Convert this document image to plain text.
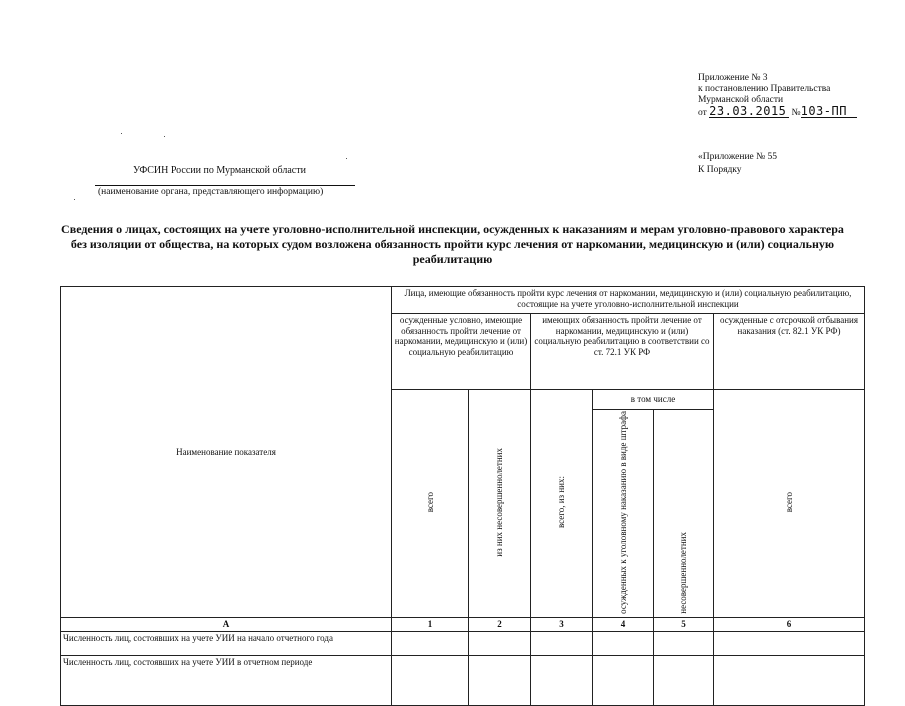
Приложение № 3
к постановлению Правительства
Мурманской области
от 23.03.2015 №103-ПП
УФСИН России по Мурманской области
(наименование органа, представляющего информацию)
«Приложение № 55
К Порядку
Сведения о лицах, состоящих на учете уголовно-исполнительной инспекции, осужденных к наказаниям и мерам уголовно-правового характера без изоляции от общества, на которых судом возложена обязанность пройти курс лечения от наркомании, медицинскую и (или) социальную реабилитацию
Наименование показателя	Лица, имеющие обязанность пройти курс лечения от наркомании, медицинскую и (или) социальную реабилитацию, состоящие на учете уголовно-исполнительной инспекции					
	осужденные условно, имеющие обязанность пройти лечение от наркомании, медицинскую и (или) социальную реабилитацию		имеющих обязанность пройти лечение от наркомании, медицинскую и (или) социальную реабилитацию в соответствии со ст. 72.1 УК РФ			осужденные с отсрочкой отбывания наказания (ст. 82.1 УК РФ)
	всего	из них несовершеннолетних	всего, из них:	в том числе		всего
				осужденных к уголовному наказанию в виде штрафа	несовершеннолетних	
А	1	2	3	4	5	6
Численность лиц, состоявших на учете УИИ на начало отчетного года						
Численность лиц, состоявших на учете УИИ в отчетном периоде						
